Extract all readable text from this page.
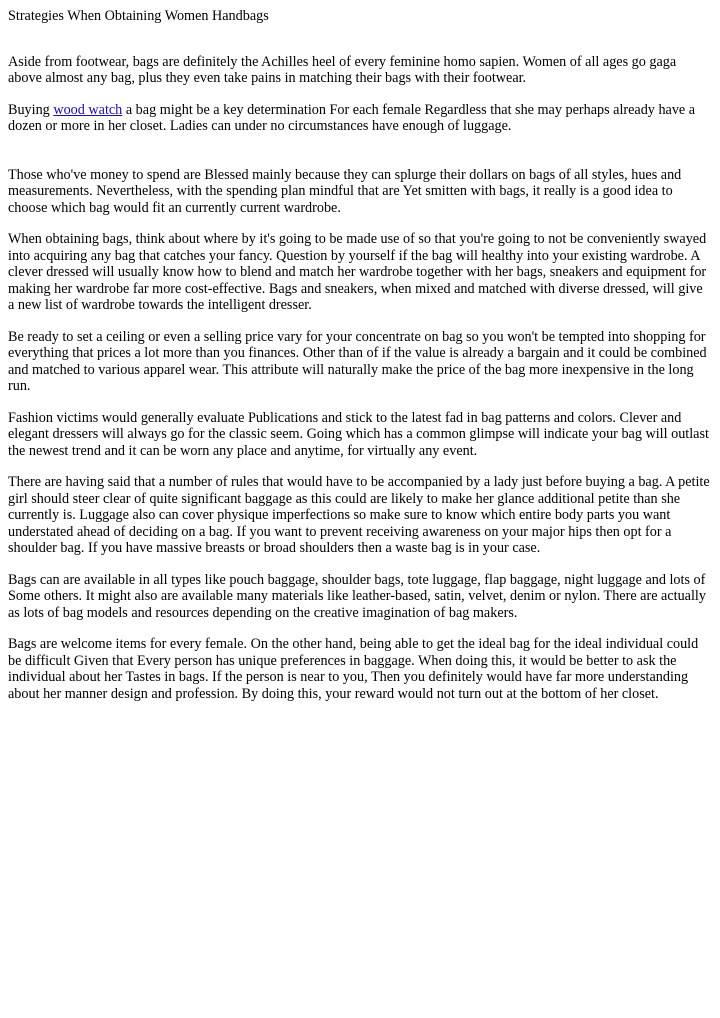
Strategies When Obtaining Women Handbags

Aside from footwear, bags are definitely the Achilles heel of every feminine homo sapien. Women of all ages go gaga above almost any bag, plus they even take pains in matching their bags with their footwear.

Buying wood watch a bag might be a key determination For each female Regardless that she may perhaps already have a dozen or more in her closet. Ladies can under no circumstances have enough of luggage.

Those who've money to spend are Blessed mainly because they can splurge their dollars on bags of all styles, hues and measurements. Nevertheless, with the spending plan mindful that are Yet smitten with bags, it really is a good idea to choose which bag would fit an currently current wardrobe.

When obtaining bags, think about where by it's going to be made use of so that you're going to not be conveniently swayed into acquiring any bag that catches your fancy. Question by yourself if the bag will healthy into your existing wardrobe. A clever dressed will usually know how to blend and match her wardrobe together with her bags, sneakers and equipment for making her wardrobe far more cost-effective. Bags and sneakers, when mixed and matched with diverse dressed, will give a new list of wardrobe towards the intelligent dresser.

Be ready to set a ceiling or even a selling price vary for your concentrate on bag so you won't be tempted into shopping for everything that prices a lot more than you finances. Other than of if the value is already a bargain and it could be combined and matched to various apparel wear. This attribute will naturally make the price of the bag more inexpensive in the long run.

Fashion victims would generally evaluate Publications and stick to the latest fad in bag patterns and colors. Clever and elegant dressers will always go for the classic seem. Going which has a common glimpse will indicate your bag will outlast the newest trend and it can be worn any place and anytime, for virtually any event.

There are having said that a number of rules that would have to be accompanied by a lady just before buying a bag. A petite girl should steer clear of quite significant baggage as this could are likely to make her glance additional petite than she currently is. Luggage also can cover physique imperfections so make sure to know which entire body parts you want understated ahead of deciding on a bag. If you want to prevent receiving awareness on your major hips then opt for a shoulder bag. If you have massive breasts or broad shoulders then a waste bag is in your case.

Bags can are available in all types like pouch baggage, shoulder bags, tote luggage, flap baggage, night luggage and lots of Some others. It might also are available many materials like leather-based, satin, velvet, denim or nylon. There are actually as lots of bag models and resources depending on the creative imagination of bag makers.

Bags are welcome items for every female. On the other hand, being able to get the ideal bag for the ideal individual could be difficult Given that Every person has unique preferences in baggage. When doing this, it would be better to ask the individual about her Tastes in bags. If the person is near to you, Then you definitely would have far more understanding about her manner design and profession. By doing this, your reward would not turn out at the bottom of her closet.
